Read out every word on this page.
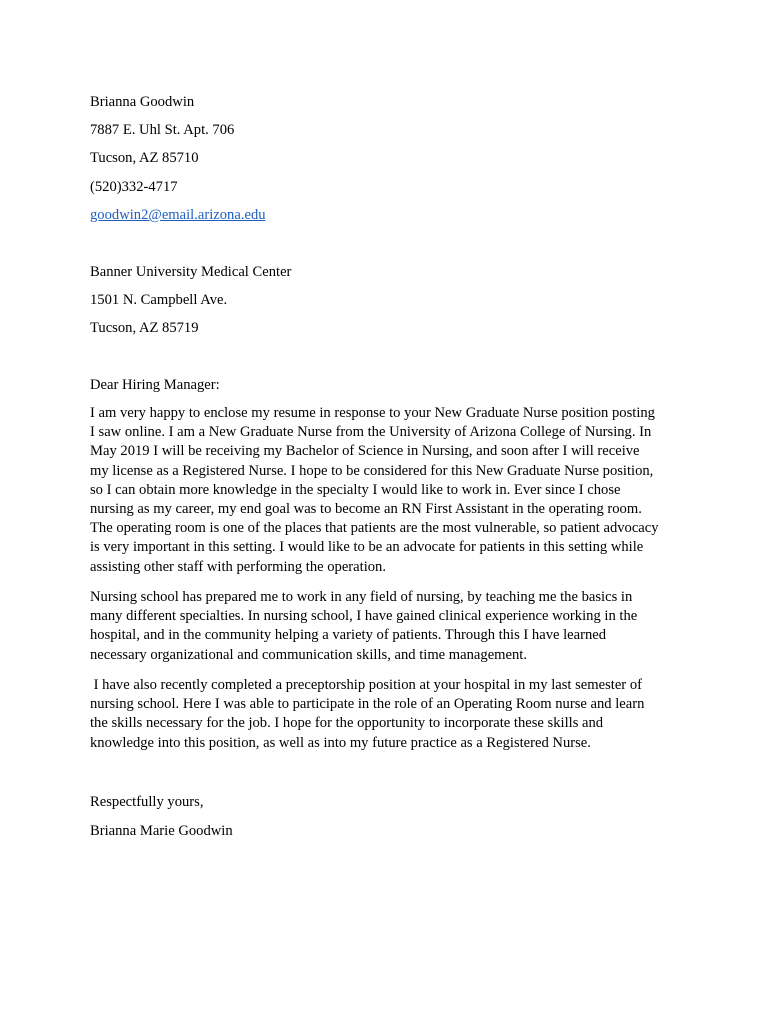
Brianna Goodwin
7887 E. Uhl St. Apt. 706
Tucson, AZ 85710
(520)332-4717
goodwin2@email.arizona.edu
Banner University Medical Center
1501 N. Campbell Ave.
Tucson, AZ 85719
Dear Hiring Manager:

I am very happy to enclose my resume in response to your New Graduate Nurse position posting
I saw online. I am a New Graduate Nurse from the University of Arizona College of Nursing. In
May 2019 I will be receiving my Bachelor of Science in Nursing, and soon after I will receive
my license as a Registered Nurse. I hope to be considered for this New Graduate Nurse position,
so I can obtain more knowledge in the specialty I would like to work in. Ever since I chose
nursing as my career, my end goal was to become an RN First Assistant in the operating room.
The operating room is one of the places that patients are the most vulnerable, so patient advocacy
is very important in this setting. I would like to be an advocate for patients in this setting while
assisting other staff with performing the operation.

Nursing school has prepared me to work in any field of nursing, by teaching me the basics in
many different specialties. In nursing school, I have gained clinical experience working in the
hospital, and in the community helping a variety of patients. Through this I have learned
necessary organizational and communication skills, and time management.

I have also recently completed a preceptorship position at your hospital in my last semester of
nursing school. Here I was able to participate in the role of an Operating Room nurse and learn
the skills necessary for the job. I hope for the opportunity to incorporate these skills and
knowledge into this position, as well as into my future practice as a Registered Nurse.

Respectfully yours,
Brianna Marie Goodwin
